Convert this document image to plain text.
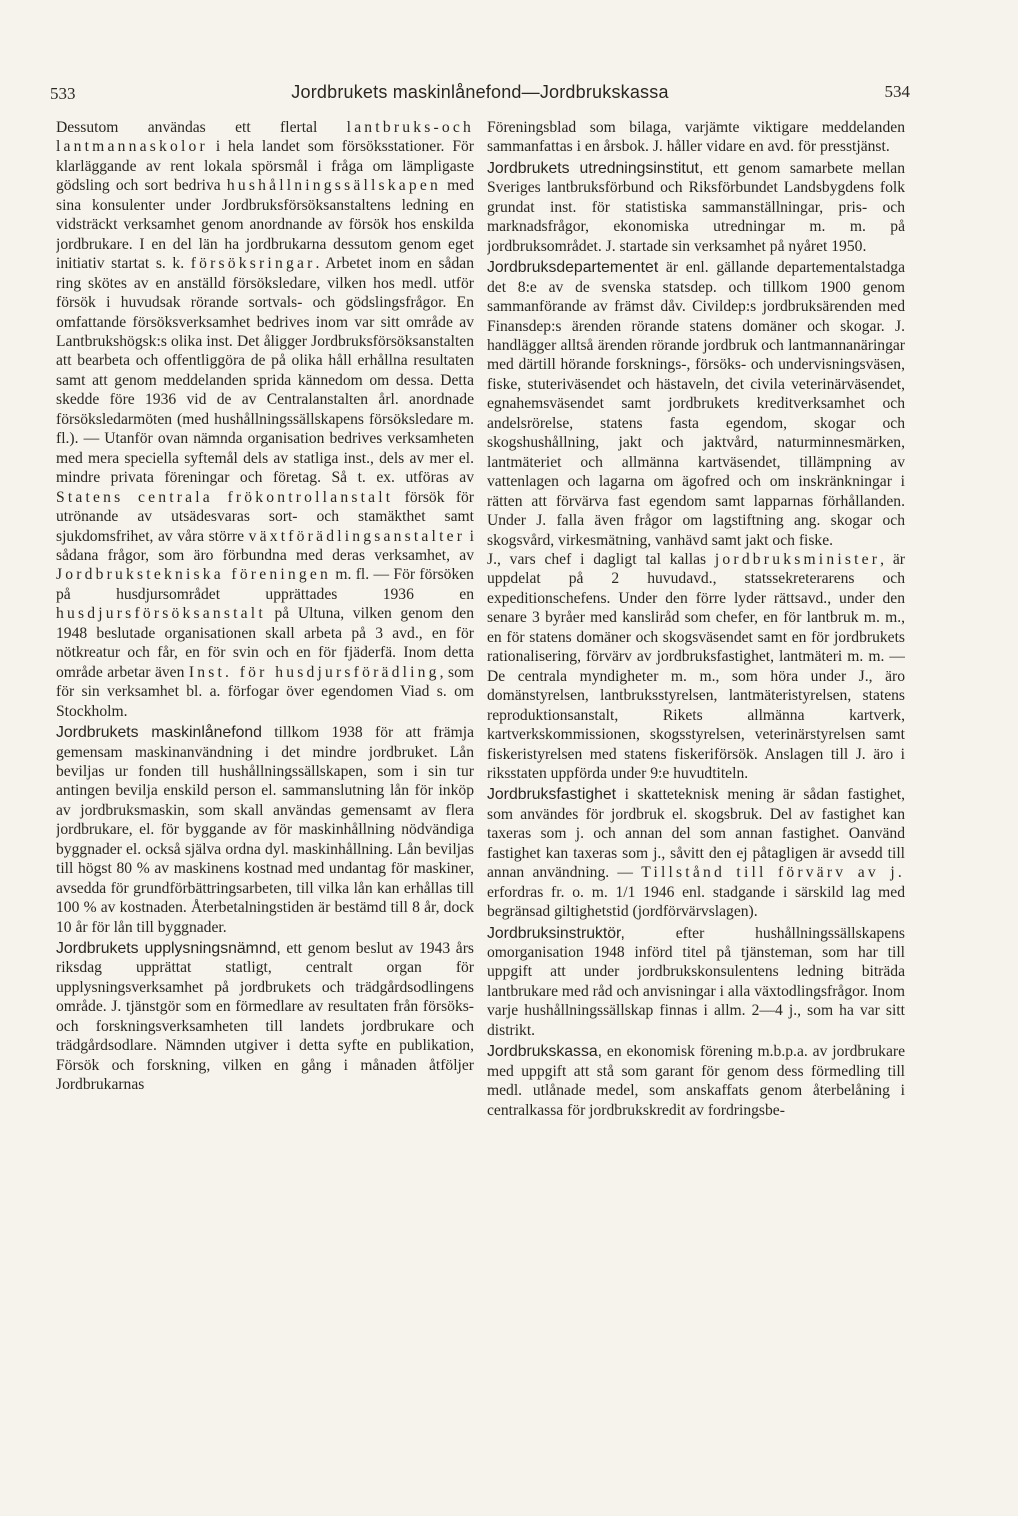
533	Jordbrukets maskinlånefond—Jordbrukskassa	534

Dessutom användas ett flertal lantbruks-och lantmannaskolor i hela landet som försöksstationer. För klarläggande av rent lokala spörsmål i fråga om lämpligaste gödsling och sort bedriva hushållningssällskapen med sina konsulenter under Jordbruksförsöksanstaltens ledning en vidsträckt verksamhet genom anordnande av försök hos enskilda jordbrukare. I en del län ha jordbrukarna dessutom genom eget initiativ startat s. k. försöksringar. Arbetet inom en sådan ring skötes av en anställd försöksledare, vilken hos medl. utför försök i huvudsak rörande sortvals- och gödslingsfrågor. En omfattande försöksverksamhet bedrives inom var sitt område av Lantbrukshögsk:s olika inst. Det åligger Jordbruksförsöksanstalten att bearbeta och offentliggöra de på olika håll erhållna resultaten samt att genom meddelanden sprida kännedom om dessa. Detta skedde före 1936 vid de av Centralanstalten årl. anordnade försöksledarmöten (med hushållningssällskapens försöksledare m. fl.). — Utanför ovan nämnda organisation bedrives verksamheten med mera speciella syftemål dels av statliga inst., dels av mer el. mindre privata föreningar och företag. Så t. ex. utföras av Statens centrala frökontrollanstalt försök för utrönande av utsädesvaras sort- och stamäkthet samt sjukdomsfrihet, av våra större växtförädlingsanstalter i sådana frågor, som äro förbundna med deras verksamhet, av Jordbrukstekniska föreningen m. fl. — För försöken på husdjursområdet upprättades 1936 en husdjursförsöksanstalt på Ultuna, vilken genom den 1948 beslutade organisationen skall arbeta på 3 avd., en för nötkreatur och får, en för svin och en för fjäderfä. Inom detta område arbetar även Inst. för husdjursförädling, som för sin verksamhet bl. a. förfogar över egendomen Viad s. om Stockholm.

Jordbrukets maskinlånefond tillkom 1938 för att främja gemensam maskinanvändning i det mindre jordbruket. Lån beviljas ur fonden till hushållningssällskapen, som i sin tur antingen bevilja enskild person el. sammanslutning lån för inköp av jordbruksmaskin, som skall användas gemensamt av flera jordbrukare, el. för byggande av för maskinhållning nödvändiga byggnader el. också själva ordna dyl. maskinhållning. Lån beviljas till högst 80 % av maskinens kostnad med undantag för maskiner, avsedda för grundförbättringsarbeten, till vilka lån kan erhållas till 100 % av kostnaden. Återbetalningstiden är bestämd till 8 år, dock 10 år för lån till byggnader.

Jordbrukets upplysningsnämnd, ett genom beslut av 1943 års riksdag upprättat statligt, centralt organ för upplysningsverksamhet på jordbrukets och trädgårdsodlingens område. J. tjänstgör som en förmedlare av resultaten från försöks- och forskningsverksamheten till landets jordbrukare och trädgårdsodlare. Nämnden utgiver i detta syfte en publikation, Försök och forskning, vilken en gång i månaden åtföljer Jordbrukarnas

Föreningsblad som bilaga, varjämte viktigare meddelanden sammanfattas i en årsbok. J. håller vidare en avd. för presstjänst.

Jordbrukets utredningsinstitut, ett genom samarbete mellan Sveriges lantbruksförbund och Riksförbundet Landsbygdens folk grundat inst. för statistiska sammanställningar, pris- och marknadsfrågor, ekonomiska utredningar m. m. på jordbruksområdet. J. startade sin verksamhet på nyåret 1950.

Jordbruksdepartementet är enl. gällande departementalstadga det 8:e av de svenska statsdep. och tillkom 1900 genom sammanförande av främst dåv. Civildep:s jordbruksärenden med Finansdep:s ärenden rörande statens domäner och skogar. J. handlägger alltså ärenden rörande jordbruk och lantmannanäringar med därtill hörande forsknings-, försöks- och undervisningsväsen, fiske, stuteriväsendet och hästaveln, det civila veterinärväsendet, egnahemsväsendet samt jordbrukets kreditverksamhet och andelsrörelse, statens fasta egendom, skogar och skogshushållning, jakt och jaktvård, naturminnesmärken, lantmäteriet och allmänna kartväsendet, tillämpning av vattenlagen och lagarna om ägofred och om inskränkningar i rätten att förvärva fast egendom samt lapparnas förhållanden. Under J. falla även frågor om lagstiftning ang. skogar och skogsvård, virkesmätning, vanhävd samt jakt och fiske.

J., vars chef i dagligt tal kallas jordbruksminister, är uppdelat på 2 huvudavd., statssekreterarens och expeditionschefens. Under den förre lyder rättsavd., under den senare 3 byråer med kansliråd som chefer, en för lantbruk m. m., en för statens domäner och skogsväsendet samt en för jordbrukets rationalisering, förvärv av jordbruksfastighet, lantmäteri m. m. — De centrala myndigheter m. m., som höra under J., äro domänstyrelsen, lantbruksstyrelsen, lantmäteristyrelsen, statens reproduktionsanstalt, Rikets allmänna kartverk, kartverkskommissionen, skogsstyrelsen, veterinärstyrelsen samt fiskeristyrelsen med statens fiskeriförsök. Anslagen till J. äro i riksstaten uppförda under 9:e huvudtiteln.

Jordbruksfastighet i skatteteknisk mening är sådan fastighet, som användes för jordbruk el. skogsbruk. Del av fastighet kan taxeras som j. och annan del som annan fastighet. Oanvänd fastighet kan taxeras som j., såvitt den ej påtagligen är avsedd till annan användning. — Tillstånd till förvärv av j. erfordras fr. o. m. 1/1 1946 enl. stadgande i särskild lag med begränsad giltighetstid (jordförvärvslagen).

Jordbruksinstruktör, efter hushållningssällskapens omorganisation 1948 införd titel på tjänsteman, som har till uppgift att under jordbrukskonsulentens ledning biträda lantbrukare med råd och anvisningar i alla växtodlingsfrågor. Inom varje hushållningssällskap finnas i allm. 2—4 j., som ha var sitt distrikt.

Jordbrukskassa, en ekonomisk förening m.b.p.a. av jordbrukare med uppgift att stå som garant för genom dess förmedling till medl. utlånade medel, som anskaffats genom återbelåning i centralkassa för jordbrukskredit av fordringsbe-
